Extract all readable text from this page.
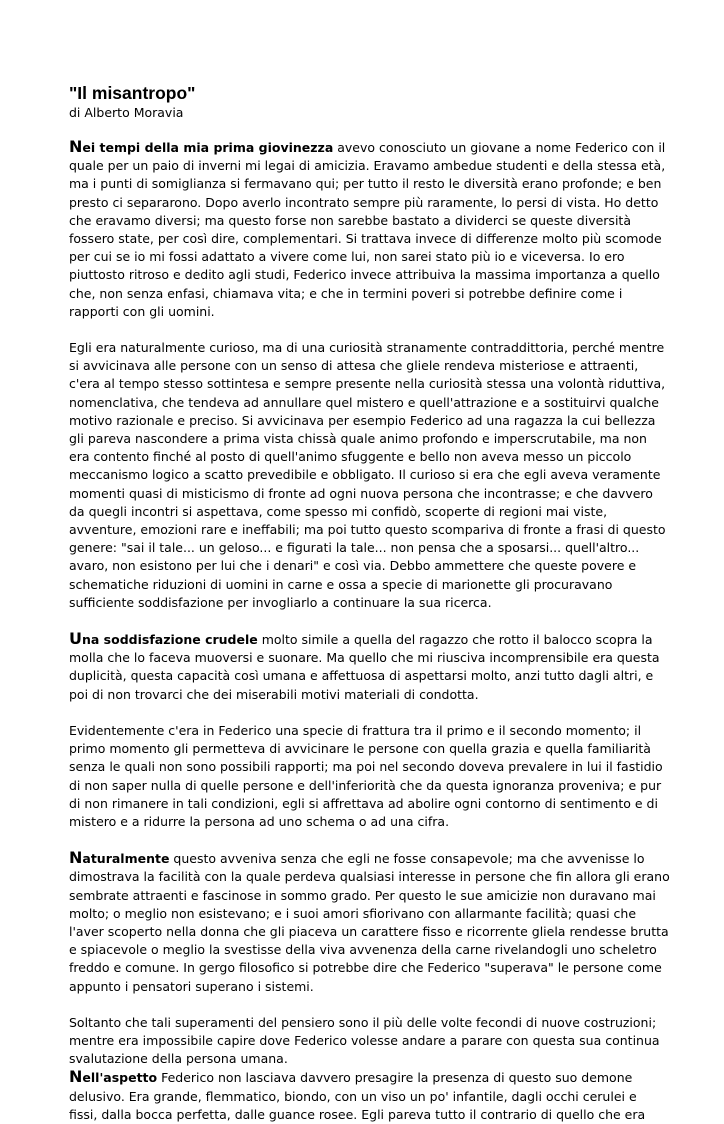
"Il misantropo"
di Alberto Moravia

Nei tempi della mia prima giovinezza avevo conosciuto un giovane a nome Federico con il
quale per un paio di inverni mi legai di amicizia. Eravamo ambedue studenti e della stessa età,
ma i punti di somiglianza si fermavano qui; per tutto il resto le diversità erano profonde; e ben
presto ci separarono. Dopo averlo incontrato sempre più raramente, lo persi di vista. Ho detto
che eravamo diversi; ma questo forse non sarebbe bastato a dividerci se queste diversità
fossero state, per così dire, complementari. Si trattava invece di differenze molto più scomode
per cui se io mi fossi adattato a vivere come lui, non sarei stato più io e viceversa. Io ero
piuttosto ritroso e dedito agli studi, Federico invece attribuiva la massima importanza a quello
che, non senza enfasi, chiamava vita; e che in termini poveri si potrebbe definire come i
rapporti con gli uomini.

Egli era naturalmente curioso, ma di una curiosità stranamente contraddittoria, perché mentre
si avvicinava alle persone con un senso di attesa che gliele rendeva misteriose e attraenti,
c'era al tempo stesso sottintesa e sempre presente nella curiosità stessa una volontà riduttiva,
nomenclativa, che tendeva ad annullare quel mistero e quell'attrazione e a sostituirvi qualche
motivo razionale e preciso. Si avvicinava per esempio Federico ad una ragazza la cui bellezza
gli pareva nascondere a prima vista chissà quale animo profondo e imperscrutabile, ma non
era contento finché al posto di quell'animo sfuggente e bello non aveva messo un piccolo
meccanismo logico a scatto prevedibile e obbligato. Il curioso si era che egli aveva veramente
momenti quasi di misticismo di fronte ad ogni nuova persona che incontrasse; e che davvero
da quegli incontri si aspettava, come spesso mi confidò, scoperte di regioni mai viste,
avventure, emozioni rare e ineffabili; ma poi tutto questo scompariva di fronte a frasi di questo
genere: "sai il tale... un geloso... e figurati la tale... non pensa che a sposarsi... quell'altro...
avaro, non esistono per lui che i denari" e così via. Debbo ammettere che queste povere e
schematiche riduzioni di uomini in carne e ossa a specie di marionette gli procuravano
sufficiente soddisfazione per invogliarlo a continuare la sua ricerca.

Una soddisfazione crudele molto simile a quella del ragazzo che rotto il balocco scopra la
molla che lo faceva muoversi e suonare. Ma quello che mi riusciva incomprensibile era questa
duplicità, questa capacità così umana e affettuosa di aspettarsi molto, anzi tutto dagli altri, e
poi di non trovarci che dei miserabili motivi materiali di condotta.

Evidentemente c'era in Federico una specie di frattura tra il primo e il secondo momento; il
primo momento gli permetteva di avvicinare le persone con quella grazia e quella familiarità
senza le quali non sono possibili rapporti; ma poi nel secondo doveva prevalere in lui il fastidio
di non saper nulla di quelle persone e dell'inferiorità che da questa ignoranza proveniva; e pur
di non rimanere in tali condizioni, egli si affrettava ad abolire ogni contorno di sentimento e di
mistero e a ridurre la persona ad uno schema o ad una cifra.

Naturalmente questo avveniva senza che egli ne fosse consapevole; ma che avvenisse lo
dimostrava la facilità con la quale perdeva qualsiasi interesse in persone che fin allora gli erano
sembrate attraenti e fascinose in sommo grado. Per questo le sue amicizie non duravano mai
molto; o meglio non esistevano; e i suoi amori sfiorivano con allarmante facilità; quasi che
l'aver scoperto nella donna che gli piaceva un carattere fisso e ricorrente gliela rendesse brutta
e spiacevole o meglio la svestisse della viva avvenenza della carne rivelandogli uno scheletro
freddo e comune. In gergo filosofico si potrebbe dire che Federico "superava" le persone come
appunto i pensatori superano i sistemi.

Soltanto che tali superamenti del pensiero sono il più delle volte fecondi di nuove costruzioni;
mentre era impossibile capire dove Federico volesse andare a parare con questa sua continua
svalutazione della persona umana.

Nell'aspetto Federico non lasciava davvero presagire la presenza di questo suo demone
delusivo. Era grande, flemmatico, biondo, con un viso un po' infantile, dagli occhi cerulei e
fissi, dalla bocca perfetta, dalle guance rosee. Egli pareva tutto il contrario di quello che era
